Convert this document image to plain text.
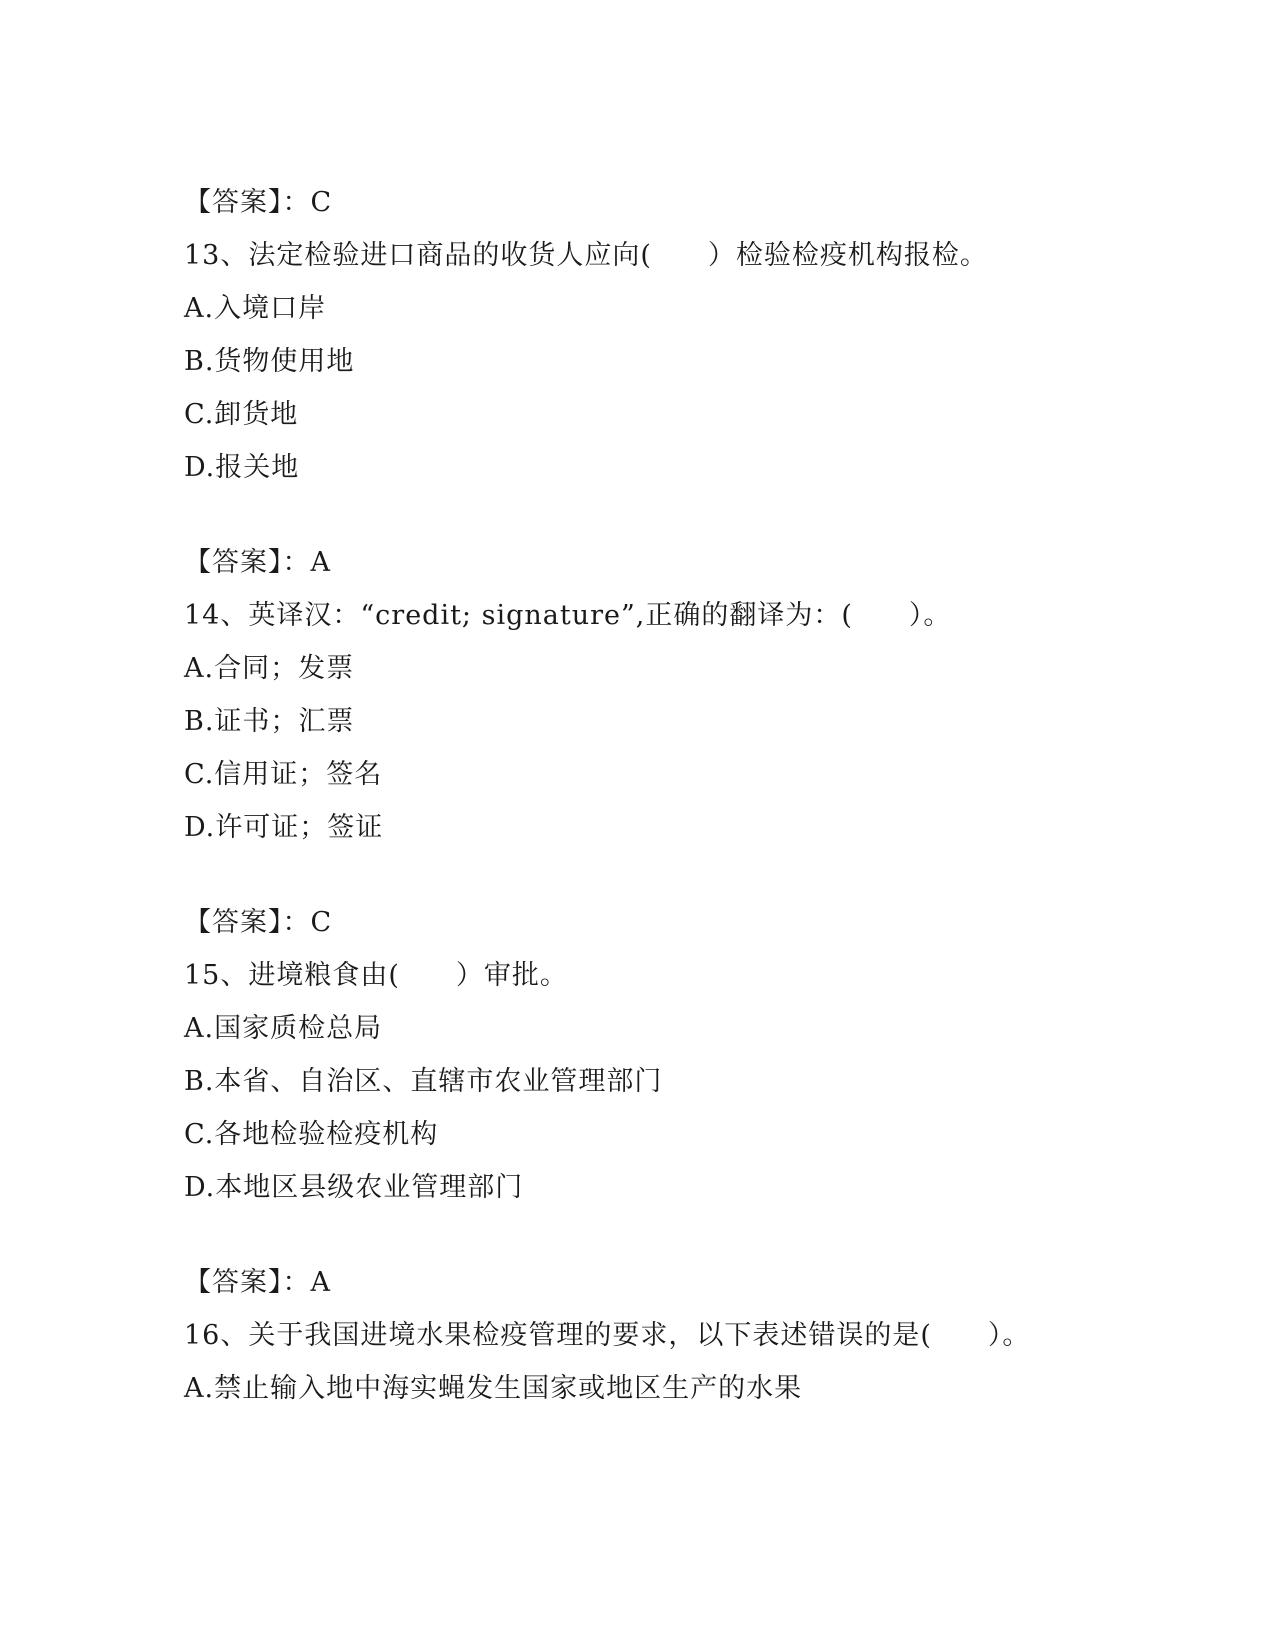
【答案】：C
13、法定检验进口商品的收货人应向(　　）检验检疫机构报检。
A.入境口岸
B.货物使用地
C.卸货地
D.报关地
【答案】：A
14、英译汉：“credit; signature”,正确的翻译为：(　　）。
A.合同；发票
B.证书；汇票
C.信用证；签名
D.许可证；签证
【答案】：C
15、进境粮食由(　　）审批。
A.国家质检总局
B.本省、自治区、直辖市农业管理部门
C.各地检验检疫机构
D.本地区县级农业管理部门
【答案】：A
16、关于我国进境水果检疫管理的要求，以下表述错误的是(　　）。
A.禁止输入地中海实蝇发生国家或地区生产的水果
